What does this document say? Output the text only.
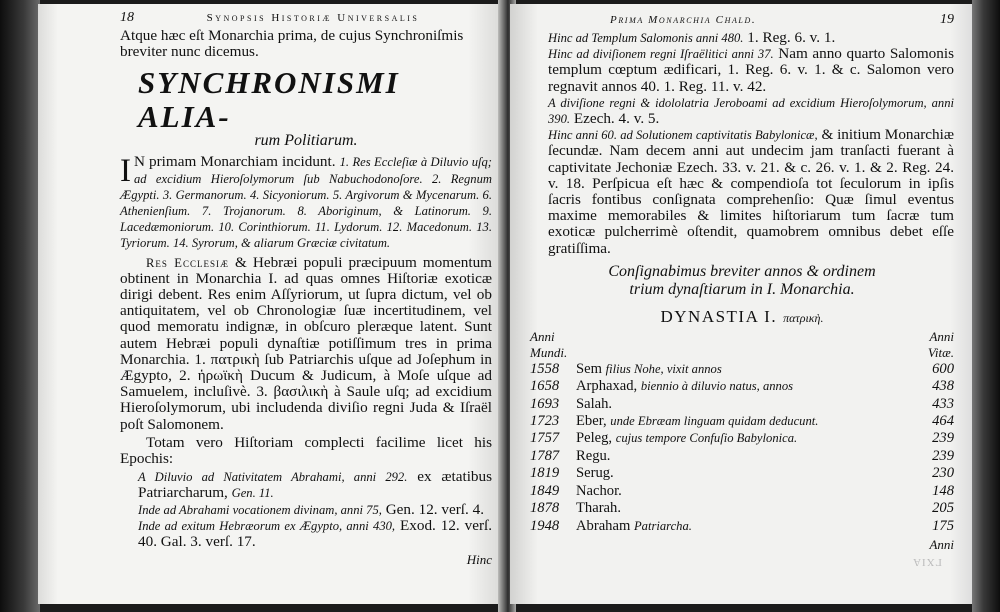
18	Synopsis Historiæ Universalis

Atque hæc eſt Monarchia prima, de cujus Synchroniſmis

breviter nunc dicemus.

SYNCHRONISMI ALIA-
rum Politiarum.

I N primam Monarchiam incidunt. 1. Res Eccleſiæ à Diluvio uſq; ad excidium Hieroſolymorum ſub Nabuchodonoſore. 2. Regnum Ægypti. 3. Germanorum. 4. Sicyoniorum. 5. Argivorum & Mycenarum. 6. Athenienſium. 7. Trojanorum. 8. Aboriginum, & Latinorum. 9. Lacedæmoniorum. 10. Corinthiorum. 11. Lydorum. 12. Macedonum. 13. Tyriorum. 14. Syrorum, & aliarum Græciæ civitatum.

Res Ecclesiæ & Hebræi populi præcipuum momentum obtinent in Monarchia I. ad quas omnes Hiſtoriæ exoticæ dirigi debent. Res enim Aſſyriorum, ut ſupra dictum, vel ob antiquitatem, vel ob Chronologiæ ſuæ incertitudinem, vel quod memoratu indignæ, in obſcuro pleræque latent. Sunt autem Hebræi populi dynaſtiæ potiſſimum tres in prima Monarchia. 1. πατρικὴ ſub Patriarchis uſque ad Joſephum in Ægypto, 2. ἡρωϊκὴ Ducum & Judicum, à Moſe uſque ad Samuelem, incluſivè. 3. βασιλικὴ à Saule uſq; ad excidium Hieroſolymorum, ubi includenda diviſio regni Juda & Iſraël poſt Salomonem.

Totam vero Hiſtoriam complecti facilime licet his Epochis:

A Diluvio ad Nativitatem Abrahami, anni 292. ex ætatibus Patriarcharum, Gen. 11.

Inde ad Abrahami vocationem divinam, anni 75, Gen. 12. verſ. 4.

Inde ad exitum Hebræorum ex Ægypto, anni 430, Exod. 12. verſ. 40. Gal. 3. verſ. 17.

Hinc
Prima Monarchia Chald.	19

Hinc ad Templum Salomonis anni 480. 1. Reg. 6. v. 1.

Hinc ad diviſionem regni Iſraëlitici anni 37. Nam anno quarto Salomonis templum cœptum ædificari, 1. Reg. 6. v. 1. & c. Salomon vero regnavit annos 40. 1. Reg. 11. v. 42.

A diviſione regni & idololatria Jeroboami ad excidium Hieroſolymorum, anni 390. Ezech. 4. v. 5.

Hinc anni 60. ad Solutionem captivitatis Babylonicæ, & initium Monarchiæ ſecundæ. Nam decem anni aut undecim jam tranſacti fuerant à captivitate Jechoniæ Ezech. 33. v. 21. & c. 26. v. 1. & 2. Reg. 24. v. 18. Perſpicua eſt hæc & compendioſa tot ſeculorum in ipſis ſacris fontibus conſignata comprehenſio: Quæ ſimul eventus maxime memorabiles & limites hiſtoriarum tum ſacræ tum exoticæ pulcherrimè oſtendit, quamobrem omnibus debet eſſe gratiſſima.

Conſignabimus breviter annos & ordinem
trium dynaſtiarum in I. Monarchia.
DYNASTIA I. πατρικὴ.
Anni Mundi.		Anni Vitæ.
1558	Sem filius Nohe, vixit annos	600
1658	Arphaxad, biennio à diluvio natus, annos	438
1693	Salah.	433
1723	Eber, unde Ebræam linguam quidam deducunt.	464
1757	Peleg, cujus tempore Confuſio Babylonica.	239
1787	Regu.	239
1819	Serug.	230
1849	Nachor.	148
1878	Tharah.	205
1948	Abraham Patriarcha.	175
Anni
ΓΧΙΑ
